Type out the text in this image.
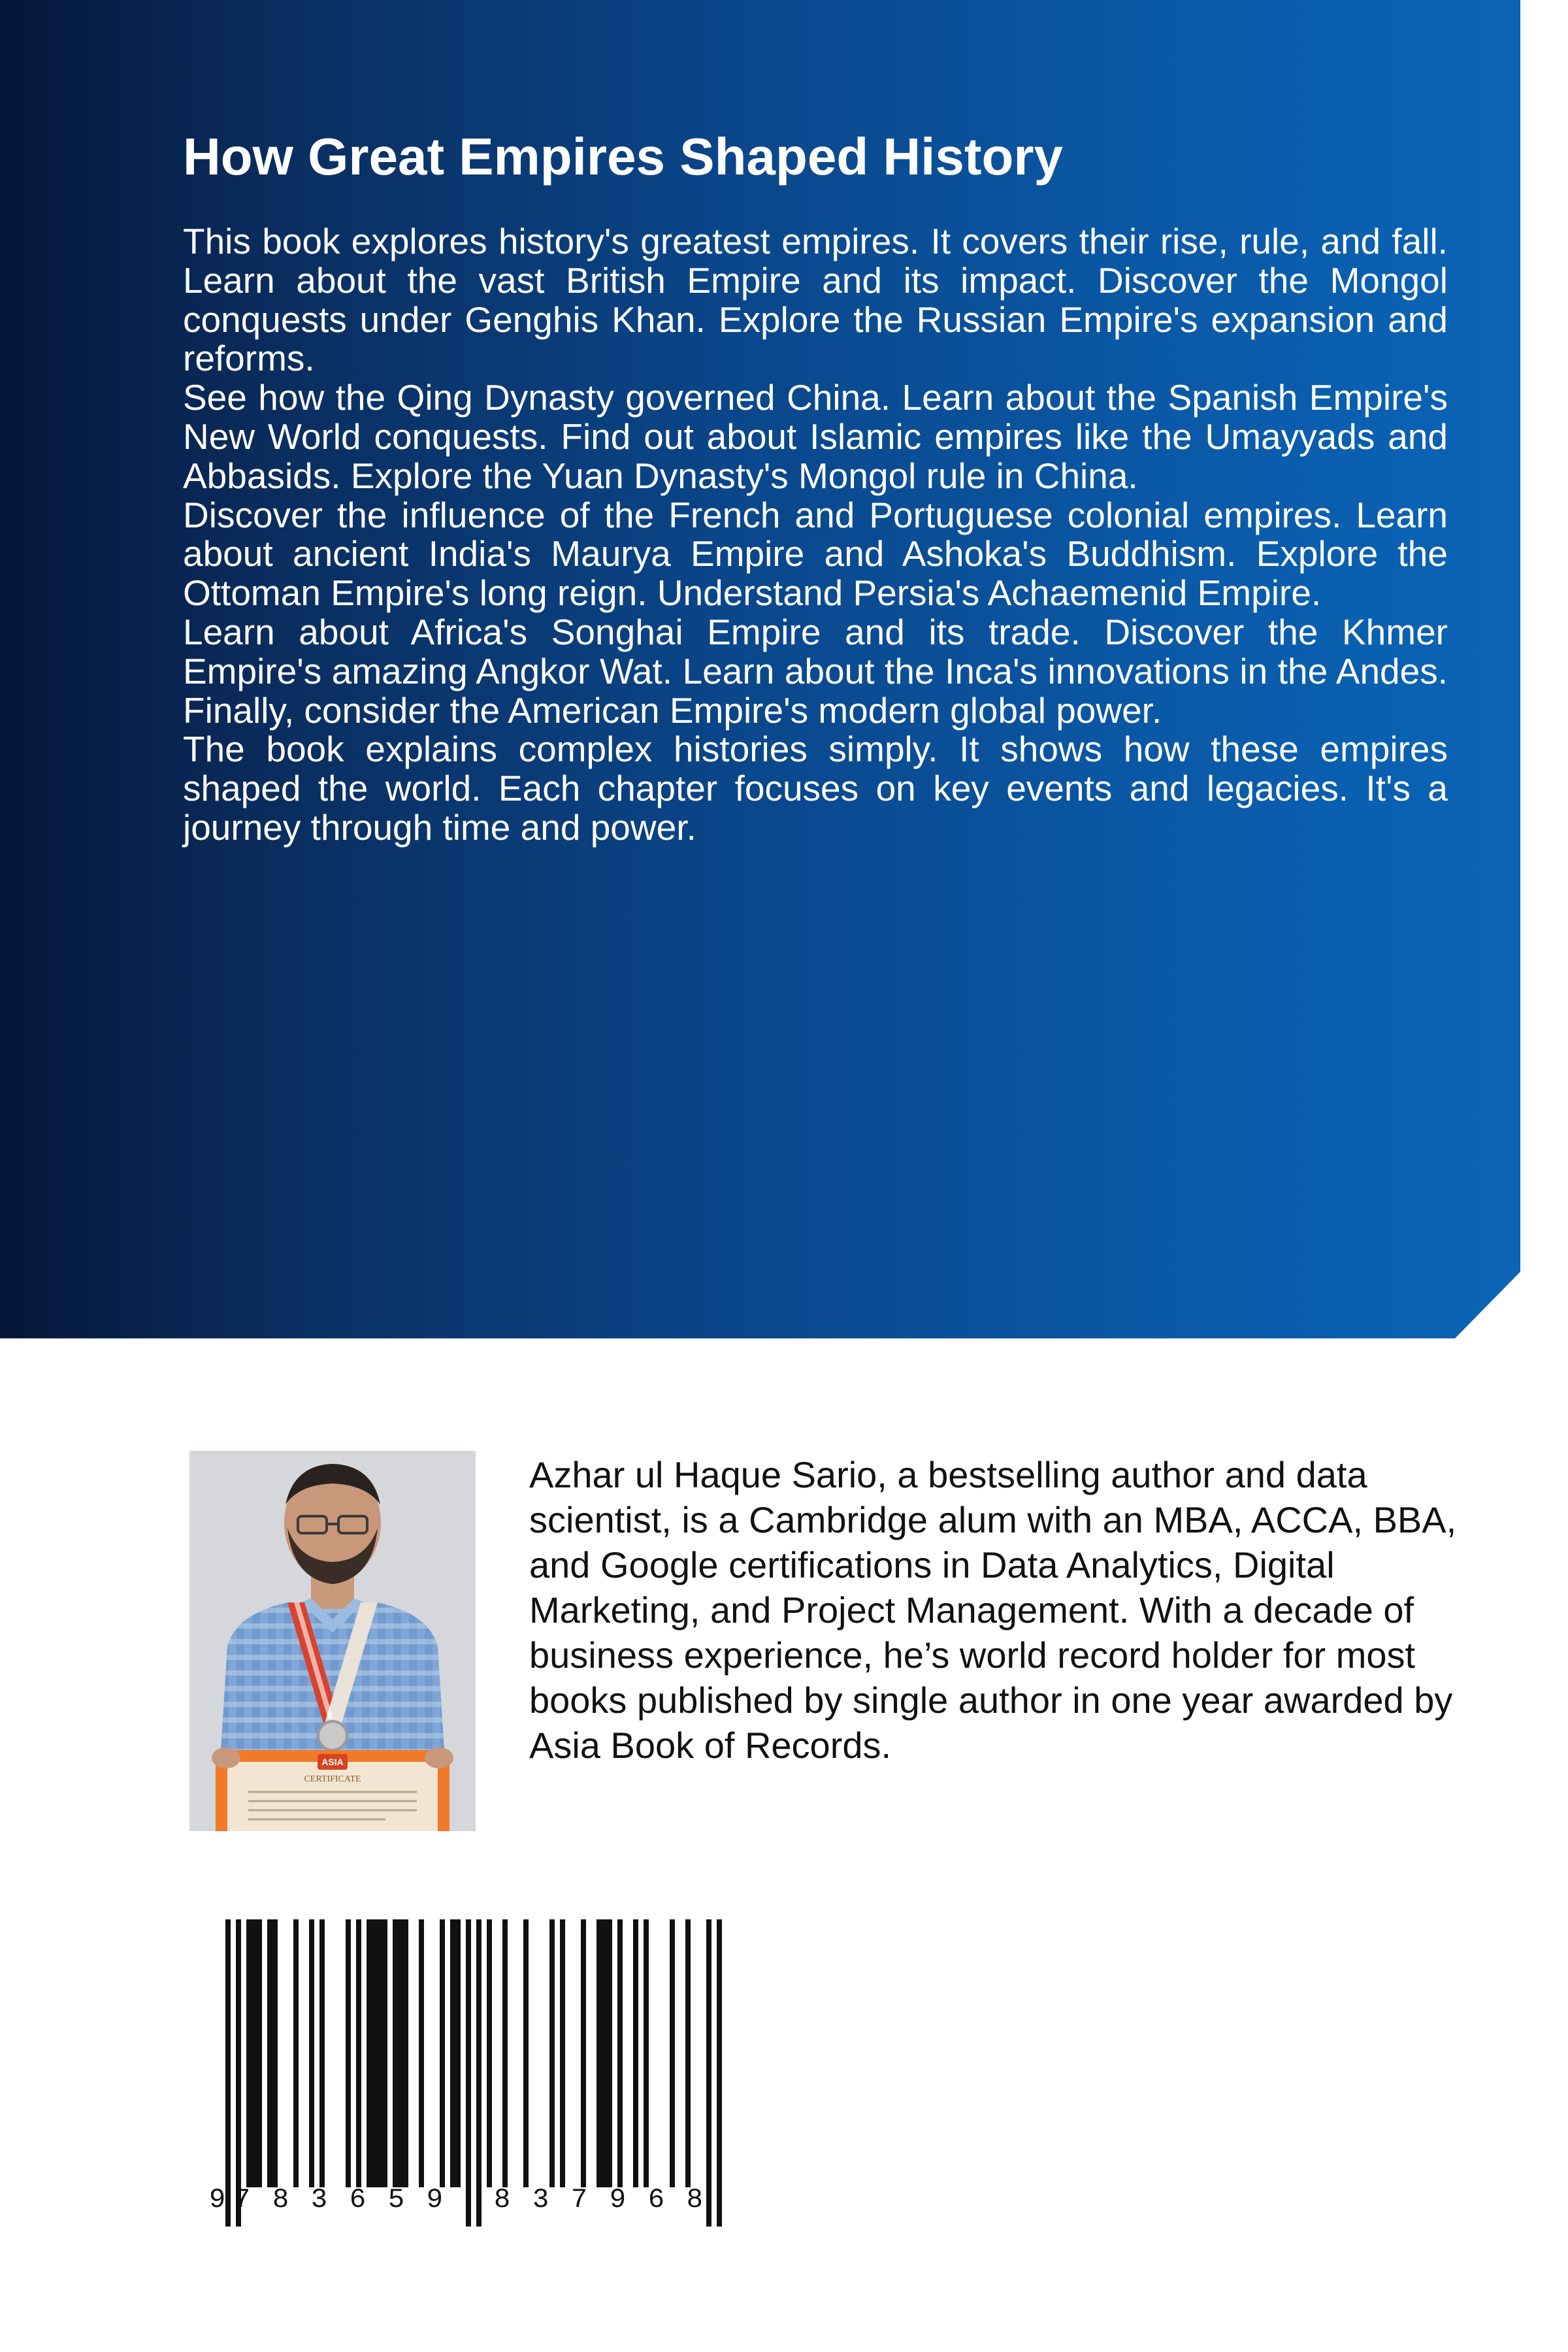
How Great Empires Shaped History

This book explores history's greatest empires. It covers their rise, rule, and fall. Learn about the vast British Empire and its impact. Discover the Mongol conquests under Genghis Khan. Explore the Russian Empire's expansion and reforms.

See how the Qing Dynasty governed China. Learn about the Spanish Empire's New World conquests. Find out about Islamic empires like the Umayyads and Abbasids. Explore the Yuan Dynasty's Mongol rule in China.

Discover the influence of the French and Portuguese colonial empires. Learn about ancient India's Maurya Empire and Ashoka's Buddhism. Explore the Ottoman Empire's long reign. Understand Persia's Achaemenid Empire.

Learn about Africa's Songhai Empire and its trade. Discover the Khmer Empire's amazing Angkor Wat. Learn about the Inca's innovations in the Andes. Finally, consider the American Empire's modern global power.

The book explains complex histories simply. It shows how these empires shaped the world. Each chapter focuses on key events and legacies. It's a journey through time and power.

ASIA
CERTIFICATE

Azhar ul Haque Sario, a bestselling author and data scientist, is a Cambridge alum with an MBA, ACCA, BBA, and Google certifications in Data Analytics, Digital Marketing, and Project Management. With a decade of business experience, he’s world record holder for most books published by single author in one year awarded by Asia Book of Records.

9 783659 837968
